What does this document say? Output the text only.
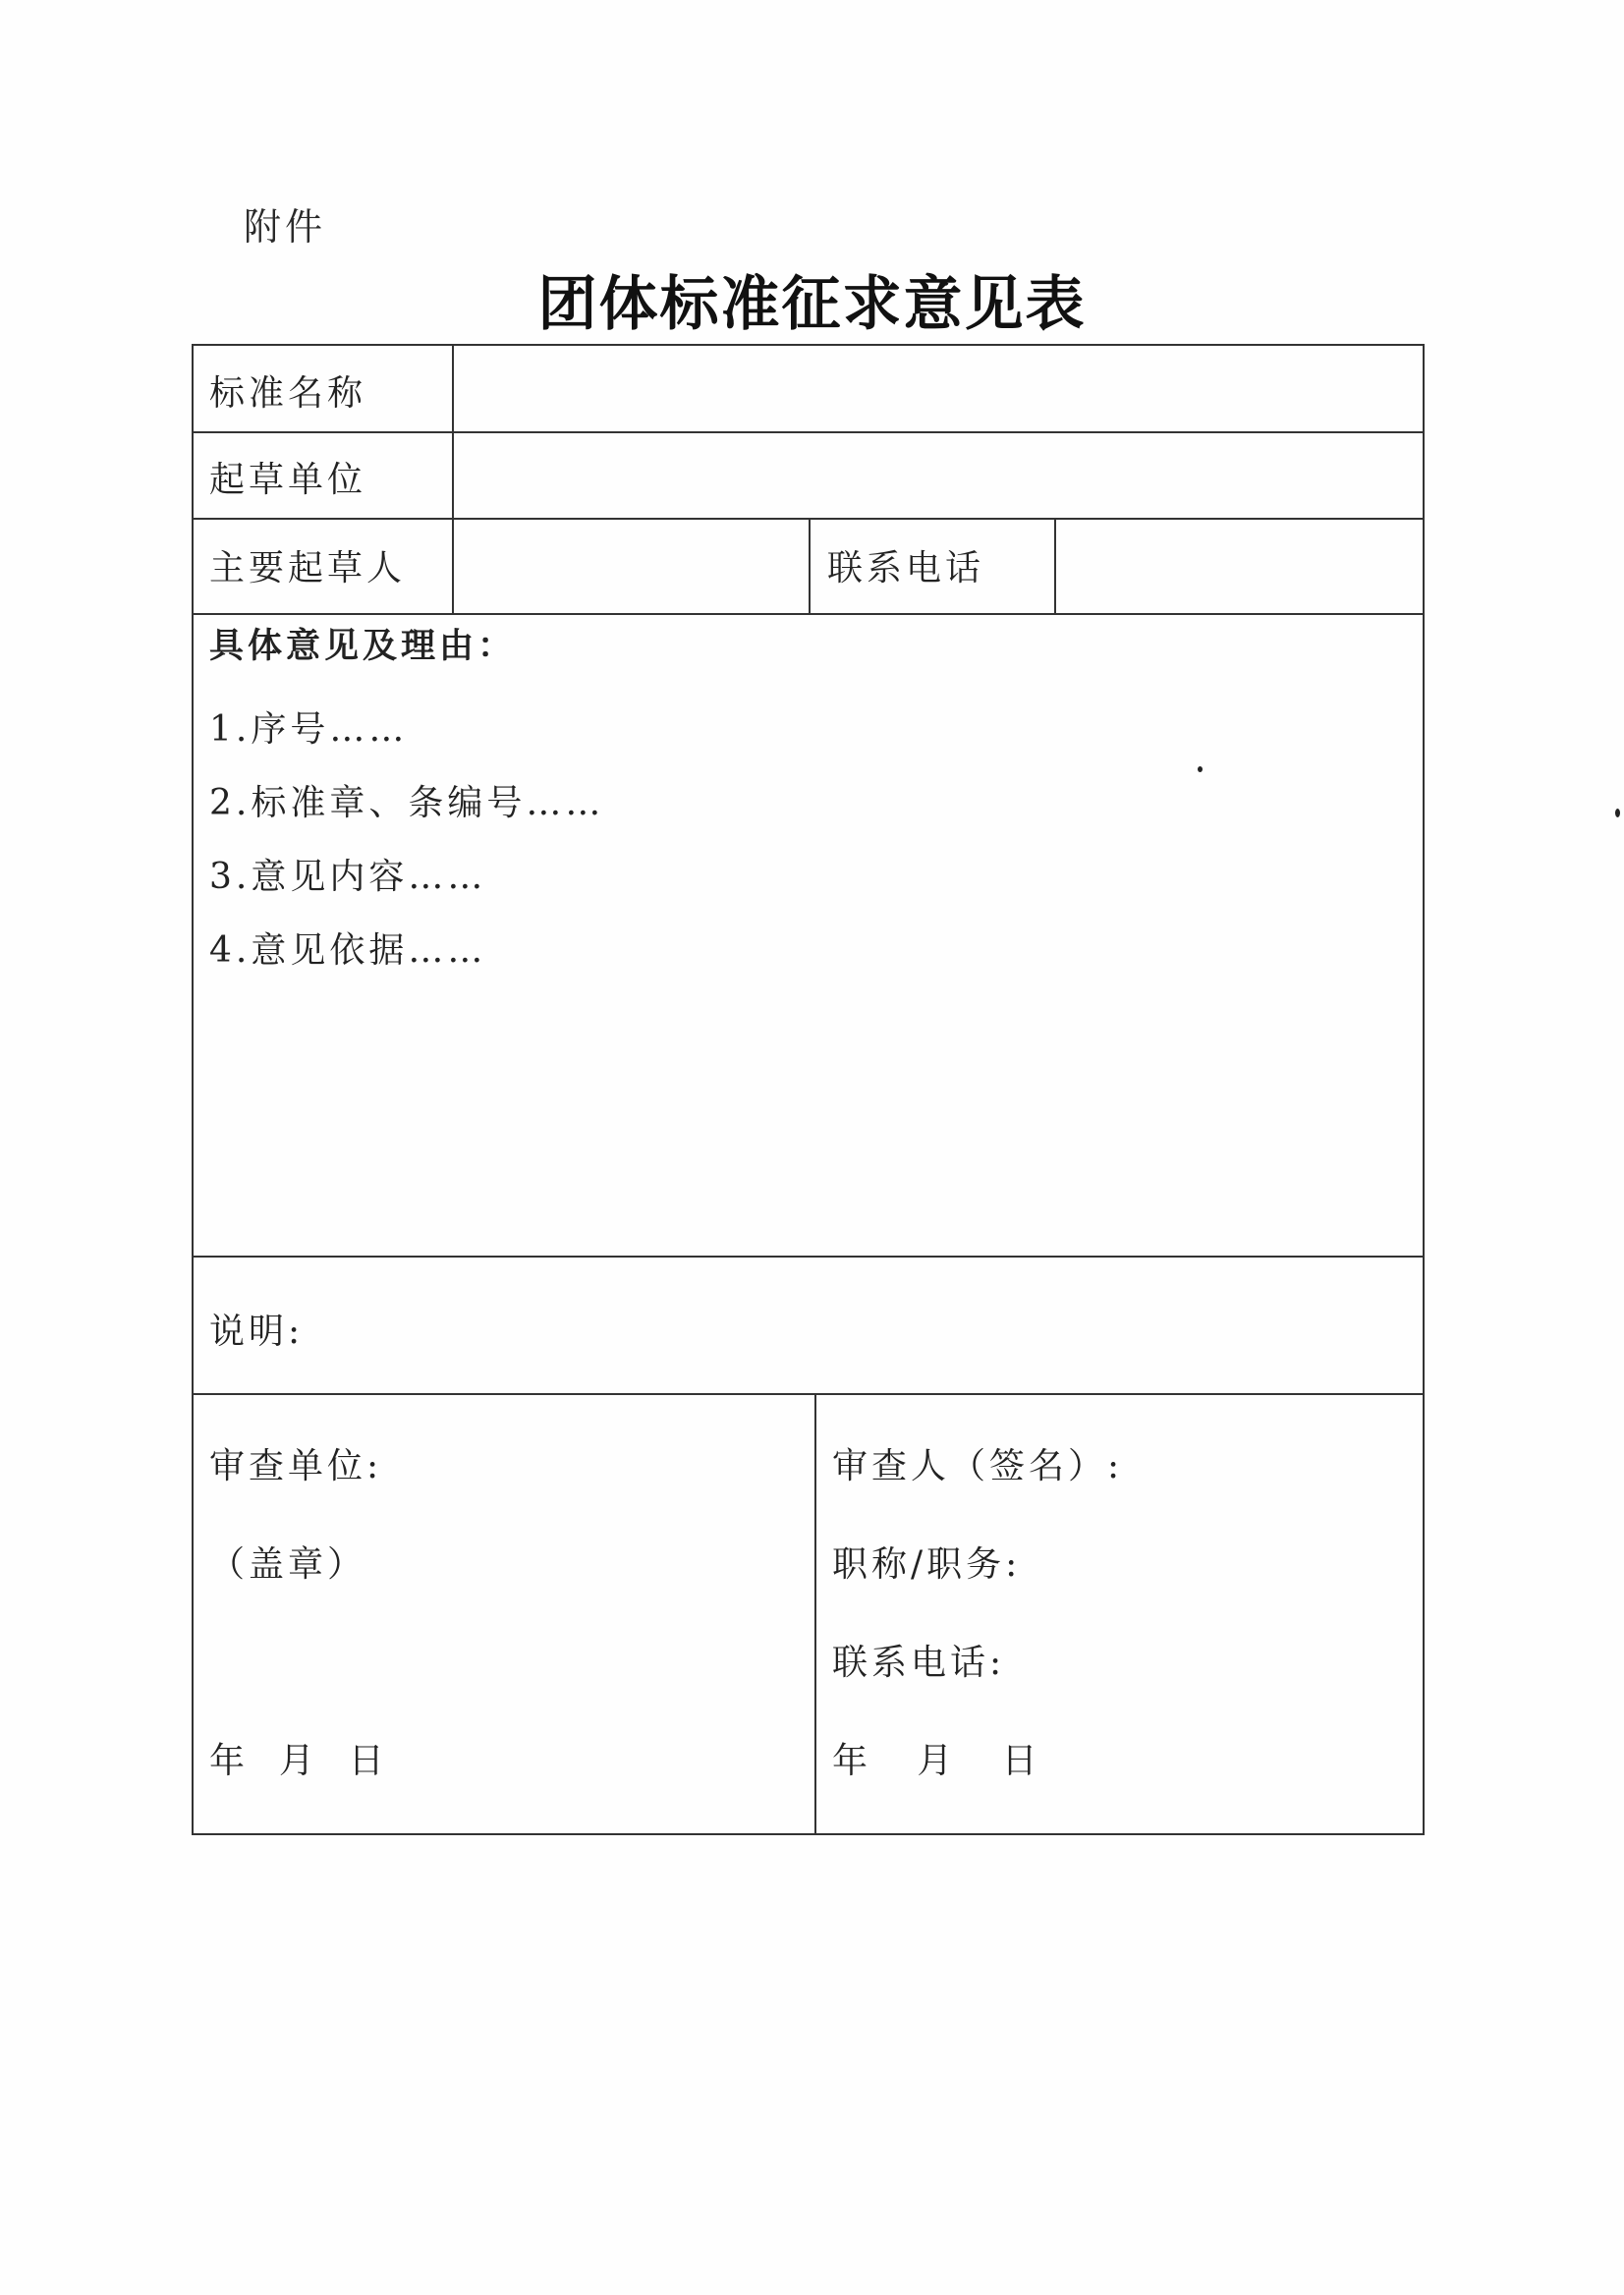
附件
团体标准征求意见表
标准名称
起草单位
主要起草人	联系电话
具体意见及理由：
1.序号……
2.标准章、条编号……
3.意见内容……
4.意见依据……
说明:
审查单位:
（盖章）
年  月  日
审查人（签名）:
职称/职务:
联系电话:
年   月   日
